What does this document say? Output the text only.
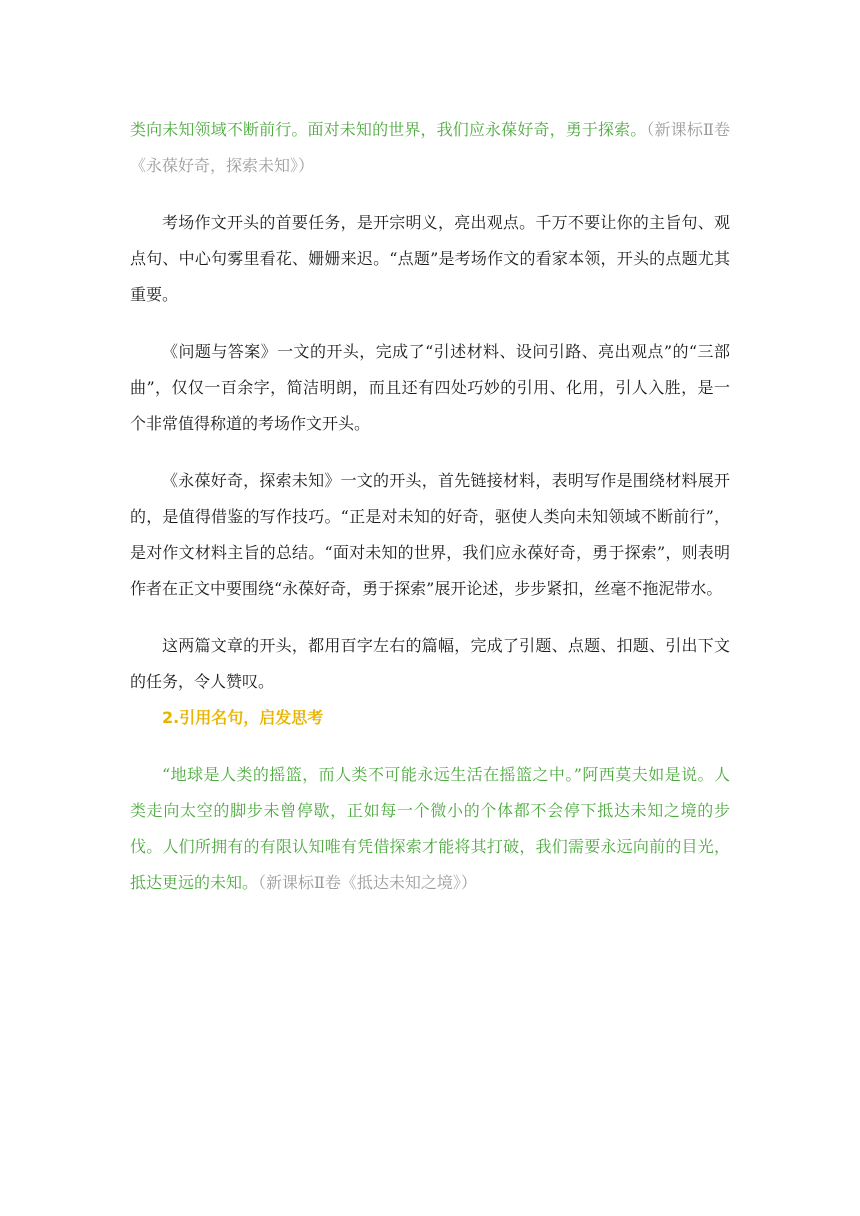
类向未知领域不断前行。面对未知的世界，我们应永葆好奇，勇于探索。（新课标Ⅱ卷《永葆好奇，探索未知》）

考场作文开头的首要任务，是开宗明义，亮出观点。千万不要让你的主旨句、观点句、中心句雾里看花、姗姗来迟。“点题”是考场作文的看家本领，开头的点题尤其重要。

《问题与答案》一文的开头，完成了“引述材料、设问引路、亮出观点”的“三部曲”，仅仅一百余字，简洁明朗，而且还有四处巧妙的引用、化用，引人入胜，是一个非常值得称道的考场作文开头。

《永葆好奇，探索未知》一文的开头，首先链接材料，表明写作是围绕材料展开的，是值得借鉴的写作技巧。“正是对未知的好奇，驱使人类向未知领域不断前行”，是对作文材料主旨的总结。“面对未知的世界，我们应永葆好奇，勇于探索”，则表明作者在正文中要围绕“永葆好奇，勇于探索”展开论述，步步紧扣，丝毫不拖泥带水。

这两篇文章的开头，都用百字左右的篇幅，完成了引题、点题、扣题、引出下文的任务，令人赞叹。

2.引用名句，启发思考

“地球是人类的摇篮，而人类不可能永远生活在摇篮之中。”阿西莫夫如是说。人类走向太空的脚步未曾停歇，正如每一个微小的个体都不会停下抵达未知之境的步伐。人们所拥有的有限认知唯有凭借探索才能将其打破，我们需要永远向前的目光，抵达更远的未知。（新课标Ⅱ卷《抵达未知之境》）
